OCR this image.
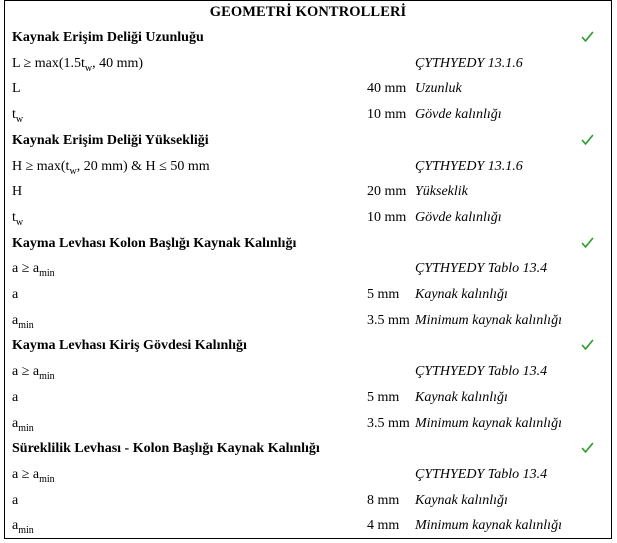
GEOMETRİ KONTROLLERİ
Kaynak Erişim Deliği Uzunluğu
$L \ge \max(1.5t_w$, 40 mm)	ÇYTHYEDY 13.1.6
L	40 mm Uzunluk
$t_w$	10 mm Gövde kalınlığı
Kaynak Erişim Deliği Yüksekliği
$H \ge \max(t_w$, 20 mm) & H ≤ 50 mm	ÇYTHYEDY 13.1.6
H	20 mm Yükseklik
$t_w$	10 mm Gövde kalınlığı
Kayma Levhası Kolon Başlığı Kaynak Kalınlığı
$a \ge a_{min}$	ÇYTHYEDY Tablo 13.4
a	5 mm Kaynak kalınlığı
$a_{min}$	3.5 mm Minimum kaynak kalınlığı
Kayma Levhası Kiriş Gövdesi Kalınlığı
$a \ge a_{min}$	ÇYTHYEDY Tablo 13.4
a	5 mm Kaynak kalınlığı
$a_{min}$	3.5 mm Minimum kaynak kalınlığı
Süreklilik Levhası - Kolon Başlığı Kaynak Kalınlığı
$a \ge a_{min}$	ÇYTHYEDY Tablo 13.4
a	8 mm Kaynak kalınlığı
$a_{min}$	4 mm Minimum kaynak kalınlığı
